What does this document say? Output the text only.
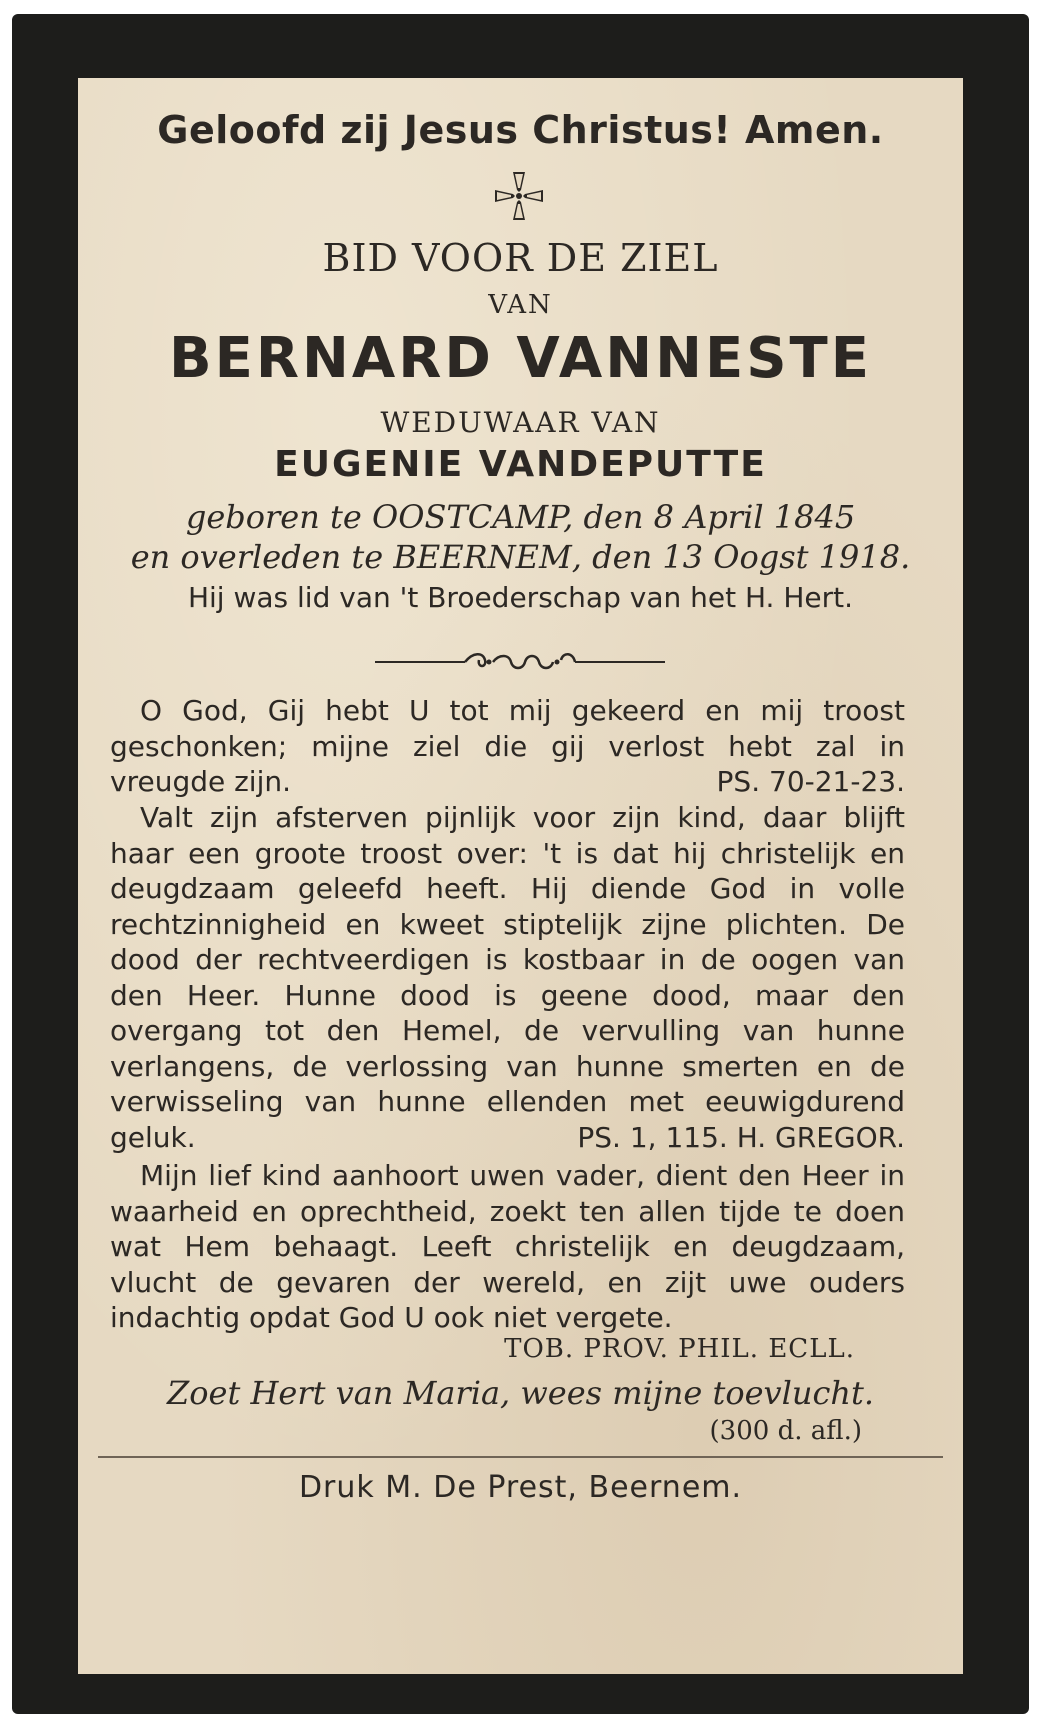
Geloofd zij Jesus Christus! Amen.
BID VOOR DE ZIEL
VAN
BERNARD VANNESTE
WEDUWAAR VAN
EUGENIE VANDEPUTTE
geboren te OOSTCAMP, den 8 April 1845
en overleden te BEERNEM, den 13 Oogst 1918.
Hij was lid van 't Broederschap van het H. Hert.
O God, Gij hebt U tot mij gekeerd en mij troost geschonken; mijne ziel die gij verlost hebt zal in vreugde zijn.	PS. 70-21-23.
Valt zijn afsterven pijnlijk voor zijn kind, daar blijft haar een groote troost over: 't is dat hij christelijk en deugdzaam geleefd heeft. Hij diende God in volle rechtzinnigheid en kweet stiptelijk zijne plichten. De dood der rechtveerdigen is kostbaar in de oogen van den Heer. Hunne dood is geene dood, maar den overgang tot den Hemel, de vervulling van hunne verlangens, de verlossing van hunne smerten en de verwisseling van hunne ellenden met eeuwigdurend geluk.	PS. 1, 115. H. GREGOR.
Mijn lief kind aanhoort uwen vader, dient den Heer in waarheid en oprechtheid, zoekt ten allen tijde te doen wat Hem behaagt. Leeft christelijk en deugdzaam, vlucht de gevaren der wereld, en zijt uwe ouders indachtig opdat God U ook niet vergete.
TOB. PROV. PHIL. ECLL.
Zoet Hert van Maria, wees mijne toevlucht.
(300 d. afl.)
Druk M. De Prest, Beernem.
